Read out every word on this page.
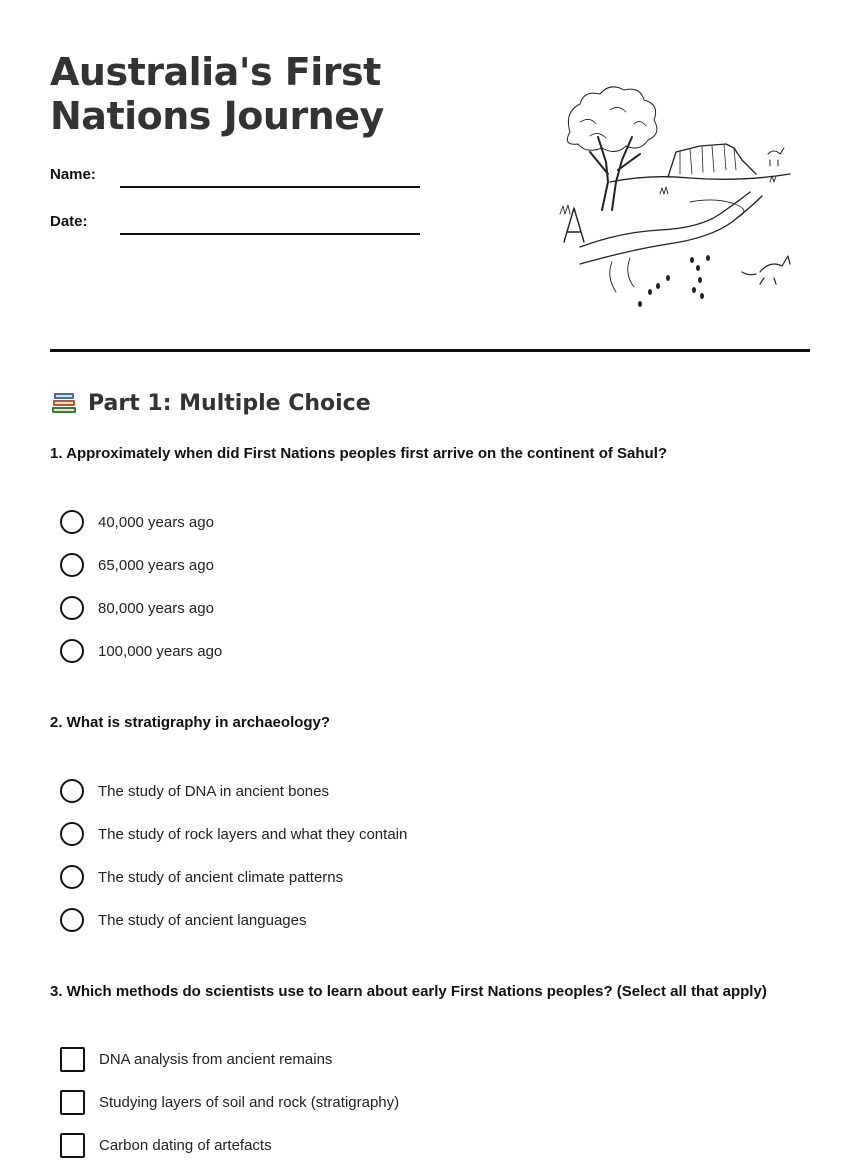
Australia's First Nations Journey
Name:
Date:
Part 1: Multiple Choice

1. Approximately when did First Nations peoples first arrive on the continent of Sahul?

40,000 years ago
65,000 years ago
80,000 years ago
100,000 years ago

2. What is stratigraphy in archaeology?

The study of DNA in ancient bones
The study of rock layers and what they contain
The study of ancient climate patterns
The study of ancient languages

3. Which methods do scientists use to learn about early First Nations peoples? (Select all that apply)

DNA analysis from ancient remains
Studying layers of soil and rock (stratigraphy)
Carbon dating of artefacts
